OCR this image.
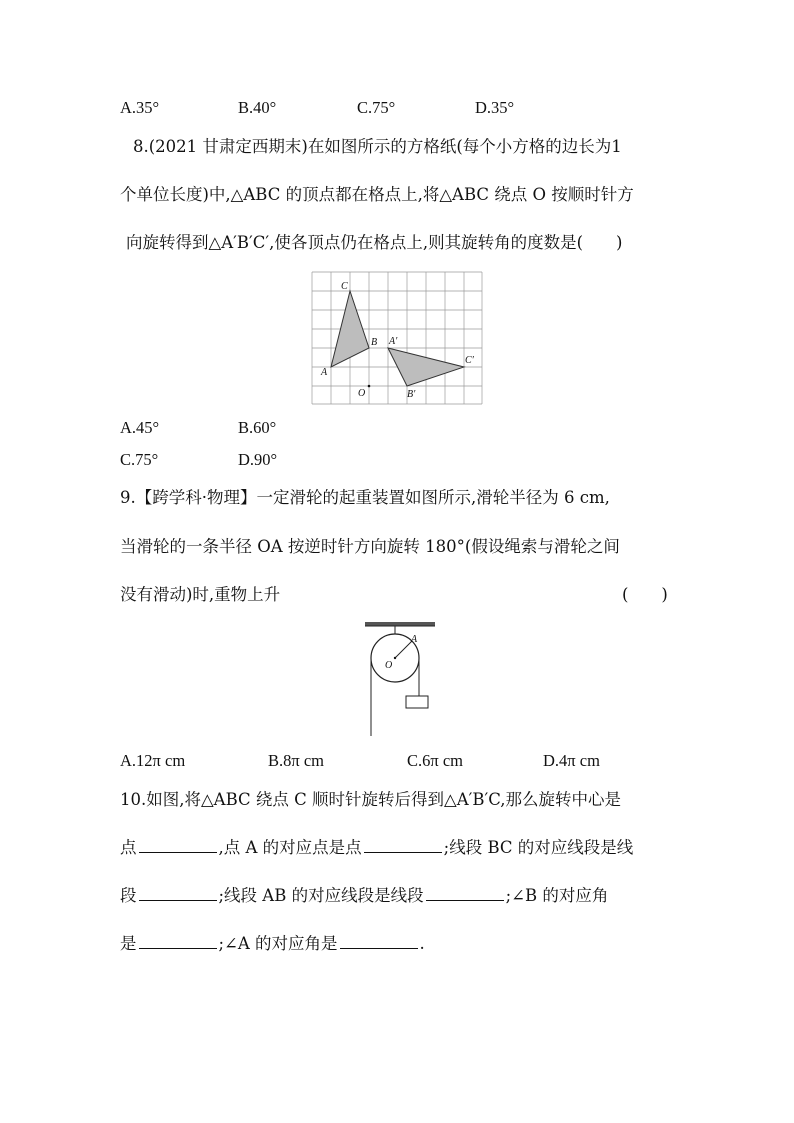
A.35°	B.40°	C.75°	D.35°
8.(2021 甘肃定西期末)在如图所示的方格纸(每个小方格的边长为1
个单位长度)中,△ABC 的顶点都在格点上,将△ABC 绕点 O 按顺时针方
向旋转得到△A′B′C′,使各顶点仍在格点上,则其旋转角的度数是(　　)
C
B
A
O
A′
B′
C′
A.45°	B.60°
C.75°	D.90°
9.【跨学科·物理】一定滑轮的起重装置如图所示,滑轮半径为 6 cm,
当滑轮的一条半径 OA 按逆时针方向旋转 180°(假设绳索与滑轮之间
没有滑动)时,重物上升	(　　)
A
O
A.12π cm	B.8π cm	C.6π cm	D.4π cm
10.如图,将△ABC 绕点 C 顺时针旋转后得到△A′B′C,那么旋转中心是
点	,点 A 的对应点是点	;线段 BC 的对应线段是线
段	;线段 AB 的对应线段是线段	;∠B 的对应角
是	;∠A 的对应角是	.
